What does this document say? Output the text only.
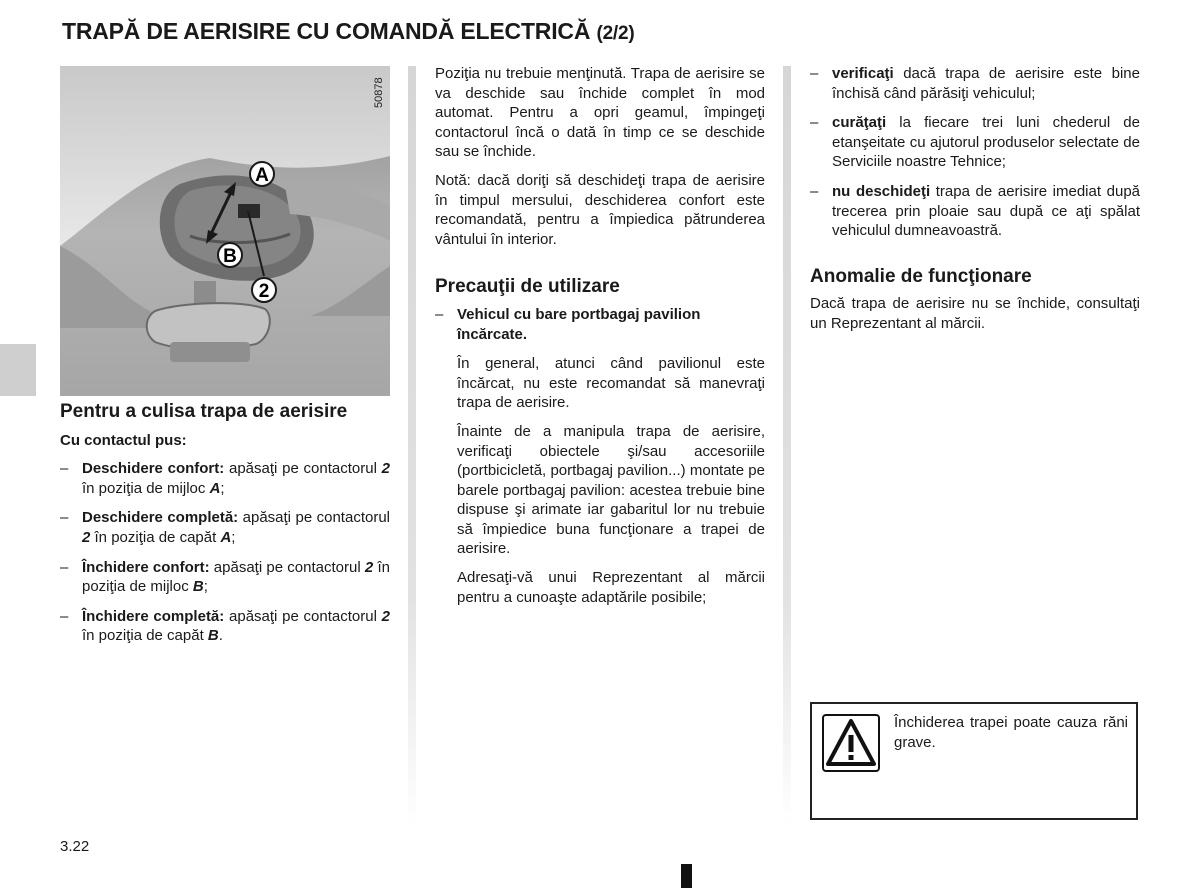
TRAPĂ DE AERISIRE CU COMANDĂ ELECTRICĂ (2/2)
A
B
2
50878
Pentru a culisa trapa de aerisire

Cu contactul pus:

– Deschidere confort: apăsaţi pe contactorul 2 în poziţia de mijloc A;
– Deschidere completă: apăsaţi pe contactorul 2 în poziţia de capăt A;
– Închidere confort: apăsaţi pe contactorul 2 în poziţia de mijloc B;
– Închidere completă: apăsaţi pe contactorul 2 în poziţia de capăt B.

Poziţia nu trebuie menţinută. Trapa de aerisire se va deschide sau închide complet în mod automat. Pentru a opri geamul, împingeţi contactorul încă o dată în timp ce se deschide sau se închide.

Notă: dacă doriţi să deschideţi trapa de aerisire în timpul mersului, deschiderea confort este recomandată, pentru a împiedica pătrunderea vântului în interior.

Precauţii de utilizare
– Vehicul cu bare portbagaj pavilion încărcate.

În general, atunci când pavilionul este încărcat, nu este recomandat să manevraţi trapa de aerisire.

Înainte de a manipula trapa de aerisire, verificaţi obiectele şi/sau accesoriile (portbicicletă, portbagaj pavilion...) montate pe barele portbagaj pavilion: acestea trebuie bine dispuse şi arimate iar gabaritul lor nu trebuie să împiedice buna funcţionare a trapei de aerisire.

Adresaţi-vă unui Reprezentant al mărcii pentru a cunoaşte adaptările posibile;

– verificaţi dacă trapa de aerisire este bine închisă când părăsiţi vehiculul;
– curăţaţi la fiecare trei luni chederul de etanşeitate cu ajutorul produselor selectate de Serviciile noastre Tehnice;
– nu deschideţi trapa de aerisire imediat după trecerea prin ploaie sau după ce aţi spălat vehiculul dumneavoastră.
Anomalie de funcţionare

Dacă trapa de aerisire nu se închide, consultaţi un Reprezentant al mărcii.

Închiderea trapei poate cauza răni grave.
3.22
